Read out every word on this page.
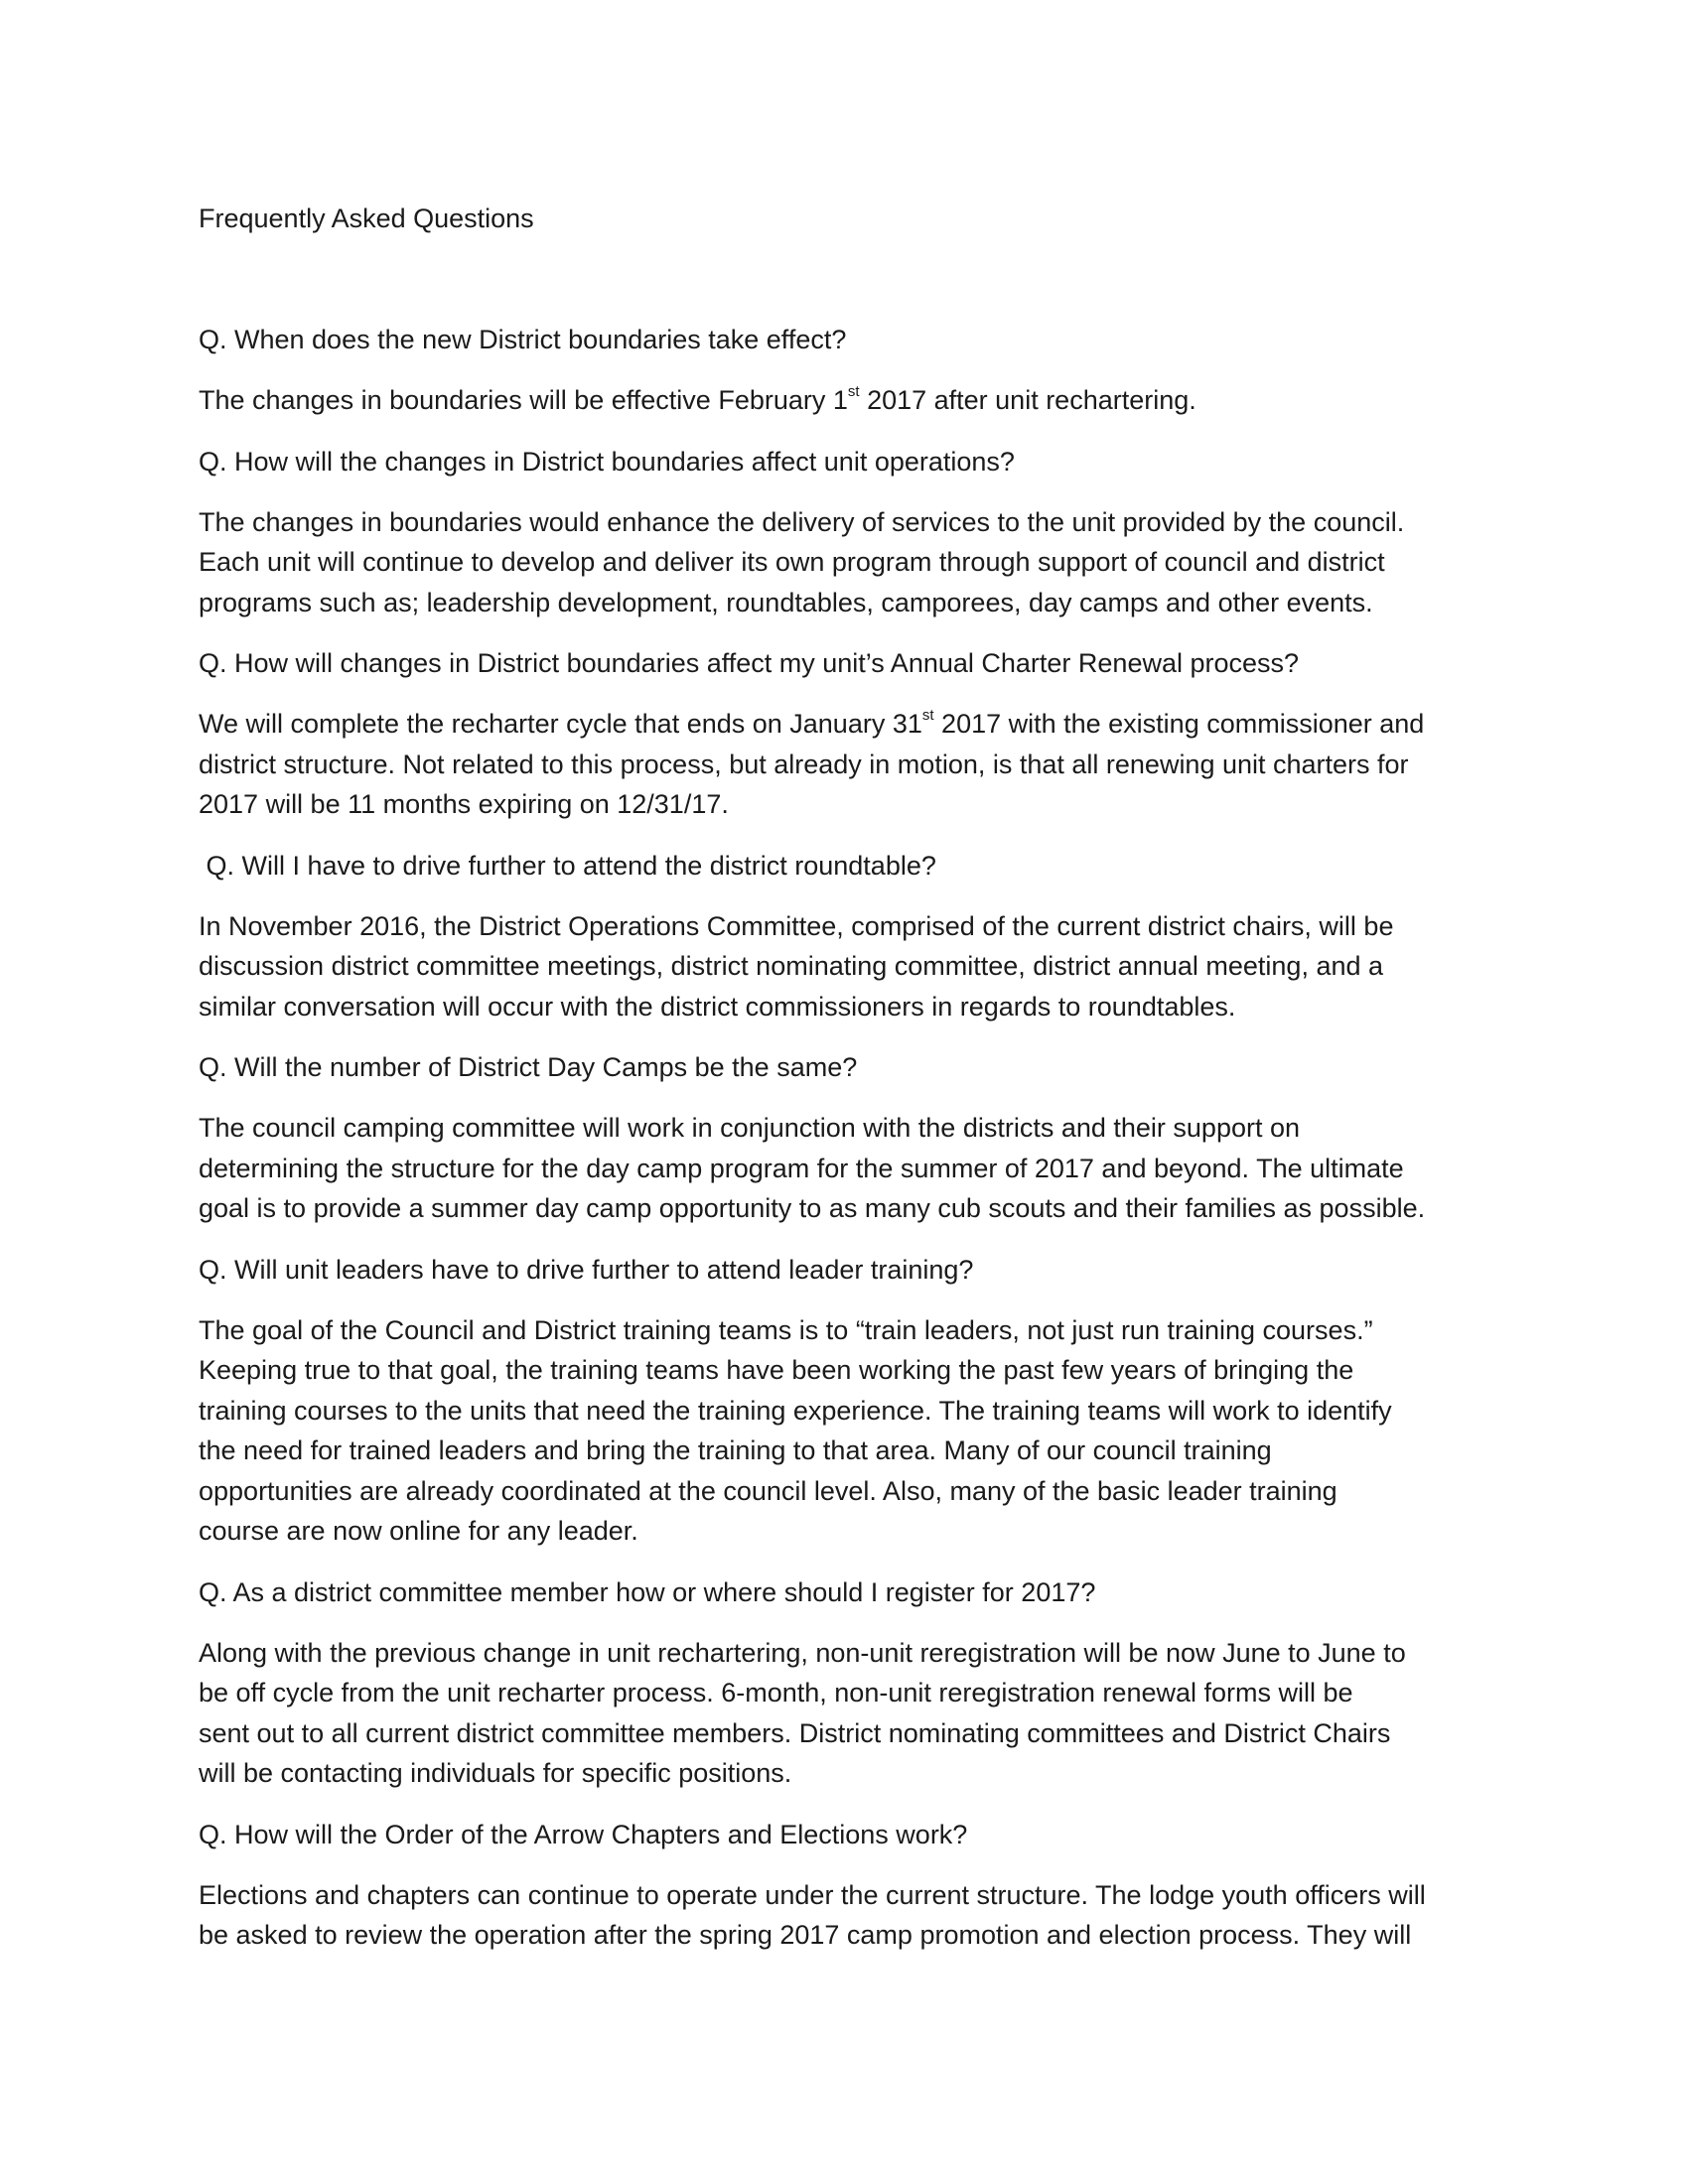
Frequently Asked Questions

Q. When does the new District boundaries take effect?

The changes in boundaries will be effective February 1st 2017 after unit rechartering.

Q. How will the changes in District boundaries affect unit operations?

The changes in boundaries would enhance the delivery of services to the unit provided by the council.
Each unit will continue to develop and deliver its own program through support of council and district
programs such as; leadership development, roundtables, camporees, day camps and other events.

Q. How will changes in District boundaries affect my unit’s Annual Charter Renewal process?

We will complete the recharter cycle that ends on January 31st 2017 with the existing commissioner and
district structure. Not related to this process, but already in motion, is that all renewing unit charters for
2017 will be 11 months expiring on 12/31/17.

Q. Will I have to drive further to attend the district roundtable?

In November 2016, the District Operations Committee, comprised of the current district chairs, will be
discussion district committee meetings, district nominating committee, district annual meeting, and a
similar conversation will occur with the district commissioners in regards to roundtables.

Q. Will the number of District Day Camps be the same?

The council camping committee will work in conjunction with the districts and their support on
determining the structure for the day camp program for the summer of 2017 and beyond. The ultimate
goal is to provide a summer day camp opportunity to as many cub scouts and their families as possible.

Q. Will unit leaders have to drive further to attend leader training?

The goal of the Council and District training teams is to “train leaders, not just run training courses.”
Keeping true to that goal, the training teams have been working the past few years of bringing the
training courses to the units that need the training experience. The training teams will work to identify
the need for trained leaders and bring the training to that area. Many of our council training
opportunities are already coordinated at the council level. Also, many of the basic leader training
course are now online for any leader.

Q. As a district committee member how or where should I register for 2017?

Along with the previous change in unit rechartering, non-unit reregistration will be now June to June to
be off cycle from the unit recharter process. 6-month, non-unit reregistration renewal forms will be
sent out to all current district committee members. District nominating committees and District Chairs
will be contacting individuals for specific positions.

Q. How will the Order of the Arrow Chapters and Elections work?

Elections and chapters can continue to operate under the current structure. The lodge youth officers will
be asked to review the operation after the spring 2017 camp promotion and election process. They will
